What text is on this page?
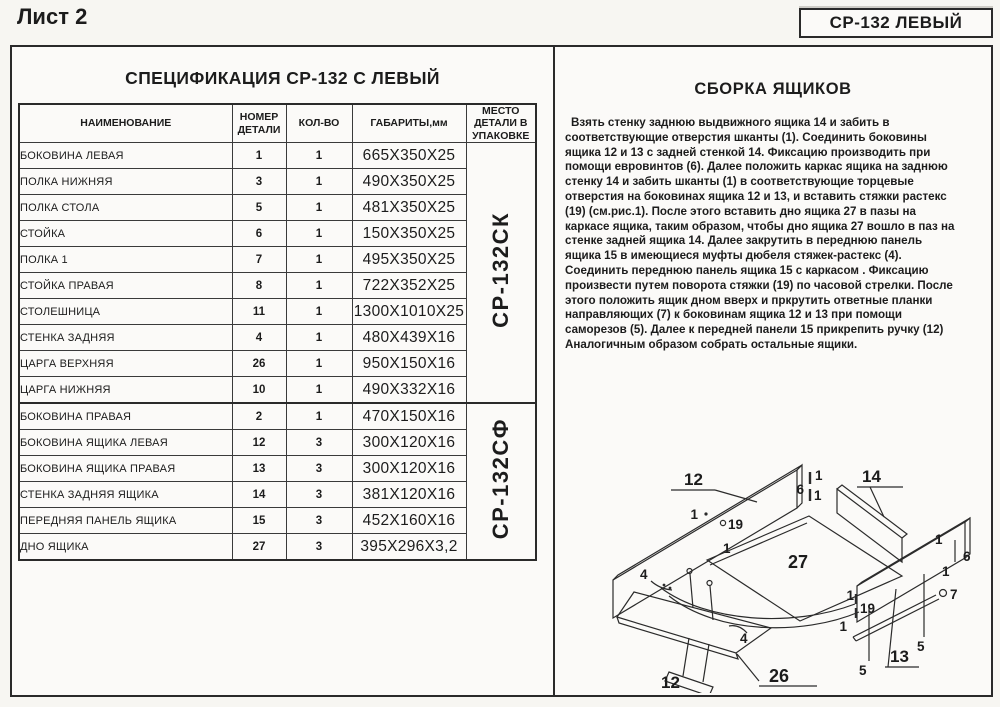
Лист 2	СР-132 ЛЕВЫЙ
СПЕЦИФИКАЦИЯ СР-132 С ЛЕВЫЙ
НАИМЕНОВАНИЕ	НОМЕР ДЕТАЛИ	КОЛ-ВО	ГАБАРИТЫ,мм	МЕСТО ДЕТАЛИ В УПАКОВКЕ
БОКОВИНА ЛЕВАЯ	1	1	665Х350Х25	СР-132СК
ПОЛКА НИЖНЯЯ	3	1	490Х350Х25	
ПОЛКА СТОЛА	5	1	481Х350Х25	
СТОЙКА	6	1	150Х350Х25	
ПОЛКА 1	7	1	495Х350Х25	
СТОЙКА ПРАВАЯ	8	1	722Х352Х25	
СТОЛЕШНИЦА	11	1	1300Х1010Х25	
СТЕНКА ЗАДНЯЯ	4	1	480Х439Х16	
ЦАРГА ВЕРХНЯЯ	26	1	950Х150Х16	
ЦАРГА НИЖНЯЯ	10	1	490Х332Х16	
БОКОВИНА ПРАВАЯ	2	1	470Х150Х16	СР-132СФ
БОКОВИНА ЯЩИКА ЛЕВАЯ	12	3	300Х120Х16	
БОКОВИНА ЯЩИКА ПРАВАЯ	13	3	300Х120Х16	
СТЕНКА ЗАДНЯЯ ЯЩИКА	14	3	381Х120Х16	
ПЕРЕДНЯЯ ПАНЕЛЬ ЯЩИКА	15	3	452Х160Х16	
ДНО ЯЩИКА	27	3	395Х296Х3,2	
СБОРКА ЯЩИКОВ

Взять стенку заднюю выдвижного ящика 14 и забить в соответствующие отверстия шканты (1). Соединить боковины ящика 12 и 13 с задней стенкой 14. Фиксацию производить при помощи евровинтов (6). Далее положить каркас ящика на заднюю стенку 14 и забить шканты (1) в соответствующие торцевые отверстия на боковинах ящика 12 и 13, и вставить стяжки растекс (19) (см.рис.1). После этого вставить дно ящика 27 в пазы на каркасе ящика, таким образом, чтобы дно ящика 27 вошло в паз на стенке задней ящика 14. Далее закрутить в переднюю панель ящика 15 в имеющиеся муфты дюбеля стяжек-растекс (4). Соединить переднюю панель ящика 15 с каркасом . Фиксацию произвести путем поворота стяжки (19) по часовой стрелки. После этого положить ящик дном вверх и пркрутить ответные планки направляющих (7) к боковинам ящика 12 и 13 при помощи саморезов (5). Далее к передней панели 15 прикрепить ручку (12) Аналогичным образом собрать остальные ящики.

12
1
19
1
1
6 1
14
27
4
4
12	26
1
19
1
1
6
1
7
5
5
13
